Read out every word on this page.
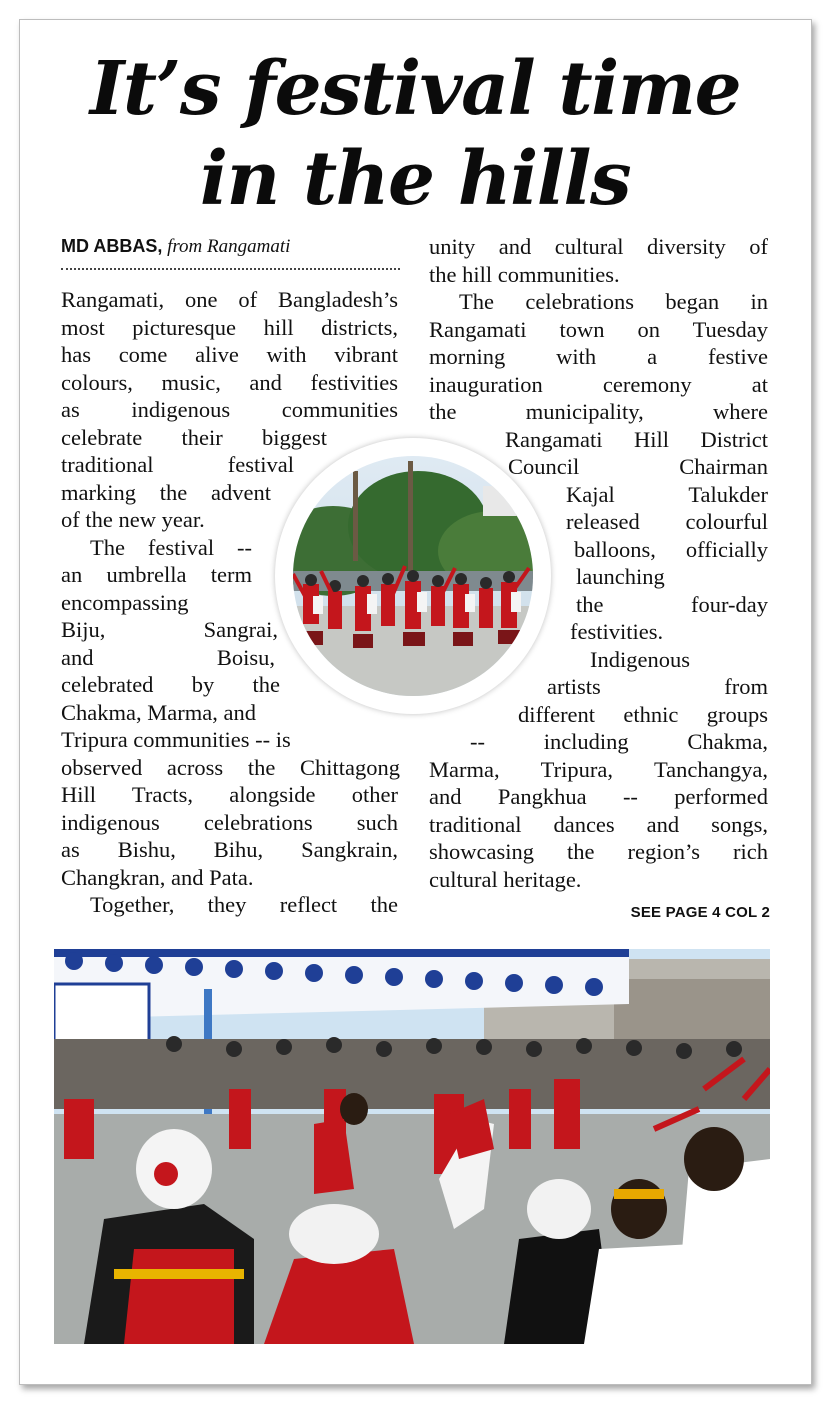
It’s festival time
in the hills
MD ABBAS, from Rangamati
Rangamati, one of Bangladesh’s
most picturesque hill districts,
has come alive with vibrant
colours, music, and festivities
as indigenous communities
celebrate their biggest
traditional festival
marking the advent
of the new year.
The festival --
an umbrella term
encompassing
Biju, Sangrai,
and Boisu,
celebrated by the
Chakma, Marma, and
Tripura communities -- is
observed across the Chittagong
Hill Tracts, alongside other
indigenous celebrations such
as Bishu, Bihu, Sangkrain,
Changkran, and Pata.
Together, they reflect the
unity and cultural diversity of
the hill communities.
The celebrations began in
Rangamati town on Tuesday
morning with a festive
inauguration ceremony at
the municipality, where
Rangamati Hill District
Council Chairman
Kajal Talukder
released colourful
balloons, officially
launching
the four-day
festivities.
Indigenous
artists from
different ethnic groups
-- including Chakma,
Marma, Tripura, Tanchangya,
and Pangkhua -- performed
traditional dances and songs,
showcasing the region’s rich
cultural heritage.
SEE PAGE 4 COL 2
